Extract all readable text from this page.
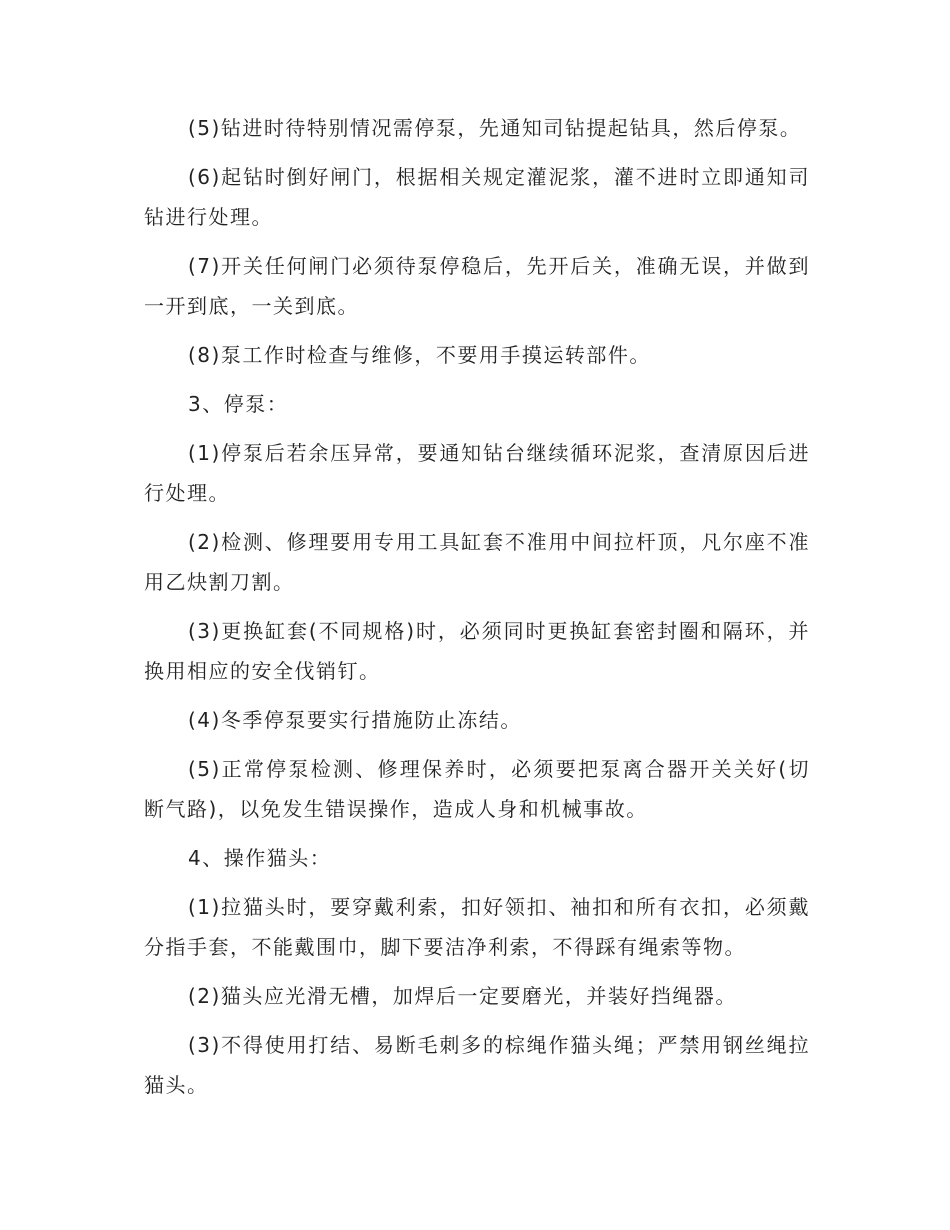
(5)钻进时待特别情况需停泵，先通知司钻提起钻具，然后停泵。

(6)起钻时倒好闸门，根据相关规定灌泥浆，灌不进时立即通知司钻进行处理。

(7)开关任何闸门必须待泵停稳后，先开后关，准确无误，并做到一开到底，一关到底。

(8)泵工作时检查与维修，不要用手摸运转部件。

3、停泵：

(1)停泵后若余压异常，要通知钻台继续循环泥浆，查清原因后进行处理。

(2)检测、修理要用专用工具缸套不准用中间拉杆顶，凡尔座不准用乙炔割刀割。

(3)更换缸套(不同规格)时，必须同时更换缸套密封圈和隔环，并换用相应的安全伐销钉。

(4)冬季停泵要实行措施防止冻结。

(5)正常停泵检测、修理保养时，必须要把泵离合器开关关好(切断气路)，以免发生错误操作，造成人身和机械事故。

4、操作猫头：

(1)拉猫头时，要穿戴利索，扣好领扣、袖扣和所有衣扣，必须戴分指手套，不能戴围巾，脚下要洁净利索，不得踩有绳索等物。

(2)猫头应光滑无槽，加焊后一定要磨光，并装好挡绳器。

(3)不得使用打结、易断毛刺多的棕绳作猫头绳；严禁用钢丝绳拉猫头。
